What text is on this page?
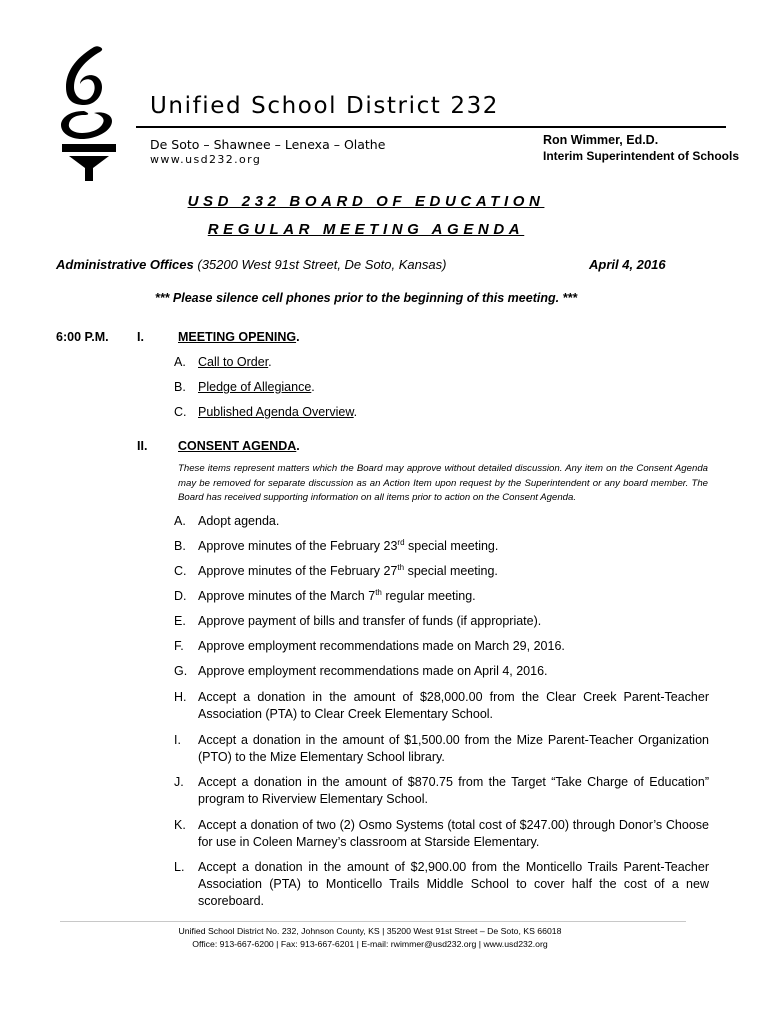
Unified School District 232
De Soto – Shawnee – Lenexa – Olathe
www.usd232.org
Ron Wimmer, Ed.D.
Interim Superintendent of Schools
USD 232 BOARD OF EDUCATION
REGULAR MEETING AGENDA
Administrative Offices (35200 West 91st Street, De Soto, Kansas)	April 4, 2016
*** Please silence cell phones prior to the beginning of this meeting. ***
6:00 P.M. I.	MEETING OPENING.
A. Call to Order.
B. Pledge of Allegiance.
C. Published Agenda Overview.
II. CONSENT AGENDA.
These items represent matters which the Board may approve without detailed discussion. Any item on the Consent Agenda may be removed for separate discussion as an Action Item upon request by the Superintendent or any board member. The Board has received supporting information on all items prior to action on the Consent Agenda.
A. Adopt agenda.
B. Approve minutes of the February 23rd special meeting.
C. Approve minutes of the February 27th special meeting.
D. Approve minutes of the March 7th regular meeting.
E. Approve payment of bills and transfer of funds (if appropriate).
F.	Approve employment recommendations made on March 29, 2016.
G. Approve employment recommendations made on April 4, 2016.
H. Accept a donation in the amount of $28,000.00 from the Clear Creek Parent-Teacher Association (PTA) to Clear Creek Elementary School.
I.	Accept a donation in the amount of $1,500.00 from the Mize Parent-Teacher Organization (PTO) to the Mize Elementary School library.
J.	Accept a donation in the amount of $870.75 from the Target “Take Charge of Education” program to Riverview Elementary School.
K. Accept a donation of two (2) Osmo Systems (total cost of $247.00) through Donor’s Choose for use in Coleen Marney’s classroom at Starside Elementary.
L.	Accept a donation in the amount of $2,900.00 from the Monticello Trails Parent-Teacher Association (PTA) to Monticello Trails Middle School to cover half the cost of a new scoreboard.
Unified School District No. 232, Johnson County, KS | 35200 West 91st Street – De Soto, KS 66018
Office: 913-667-6200 | Fax: 913-667-6201 | E-mail: rwimmer@usd232.org | www.usd232.org
